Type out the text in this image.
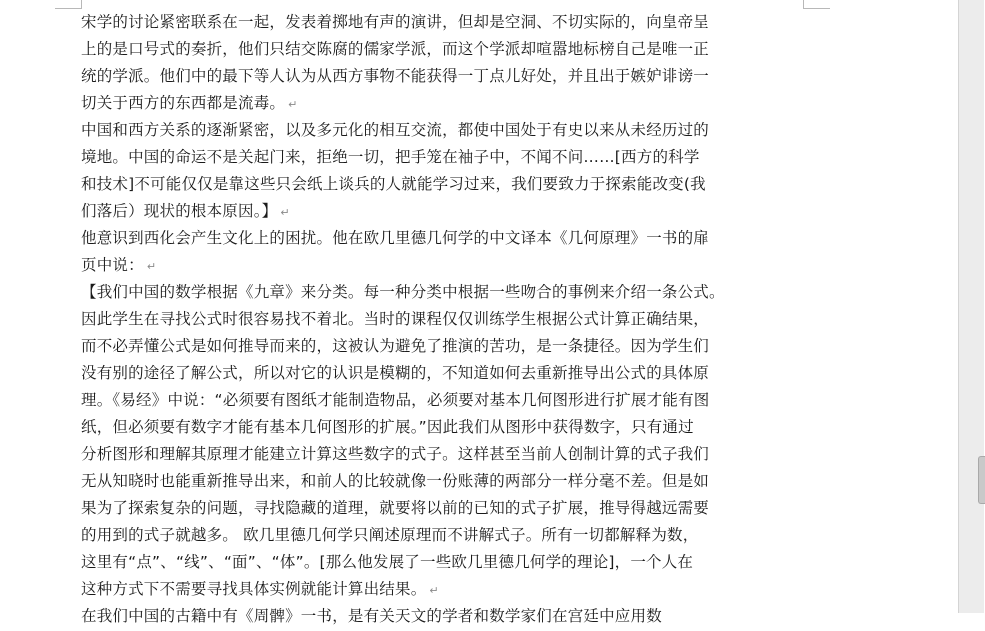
宋学的讨论紧密联系在一起，发表着掷地有声的演讲，但却是空洞、不切实际的，向皇帝呈
上的是口号式的奏折，他们只结交陈腐的儒家学派，而这个学派却喧嚣地标榜自己是唯一正
统的学派。他们中的最下等人认为从西方事物不能获得一丁点儿好处，并且出于嫉妒诽谤一
切关于西方的东西都是流毒。 ↵
中国和西方关系的逐渐紧密，以及多元化的相互交流，都使中国处于有史以来从未经历过的
境地。中国的命运不是关起门来，拒绝一切，把手笼在袖子中，不闻不问……[西方的科学
和技术]不可能仅仅是靠这些只会纸上谈兵的人就能学习过来，我们要致力于探索能改变(我
们落后）现状的根本原因。】 ↵
他意识到西化会产生文化上的困扰。他在欧几里德几何学的中文译本《几何原理》一书的扉
页中说： ↵
【我们中国的数学根据《九章》来分类。每一种分类中根据一些吻合的事例来介绍一条公式。
因此学生在寻找公式时很容易找不着北。当时的课程仅仅训练学生根据公式计算正确结果，
而不必弄懂公式是如何推导而来的，这被认为避免了推演的苦功，是一条捷径。因为学生们
没有别的途径了解公式，所以对它的认识是模糊的，不知道如何去重新推导出公式的具体原
理。《易经》中说：“必须要有图纸才能制造物品，必须要对基本几何图形进行扩展才能有图
纸，但必须要有数字才能有基本几何图形的扩展。”因此我们从图形中获得数字，只有通过
分析图形和理解其原理才能建立计算这些数字的式子。这样甚至当前人创制计算的式子我们
无从知晓时也能重新推导出来，和前人的比较就像一份账薄的两部分一样分毫不差。但是如
果为了探索复杂的问题，寻找隐藏的道理，就要将以前的已知的式子扩展，推导得越远需要
的用到的式子就越多。 欧几里德几何学只阐述原理而不讲解式子。所有一切都解释为数，
这里有“点”、“线”、“面”、“体”。[那么他发展了一些欧几里德几何学的理论]，一个人在
这种方式下不需要寻找具体实例就能计算出结果。 ↵
在我们中国的古籍中有《周髀》一书，是有关天文的学者和数学家们在宫廷中应用数
